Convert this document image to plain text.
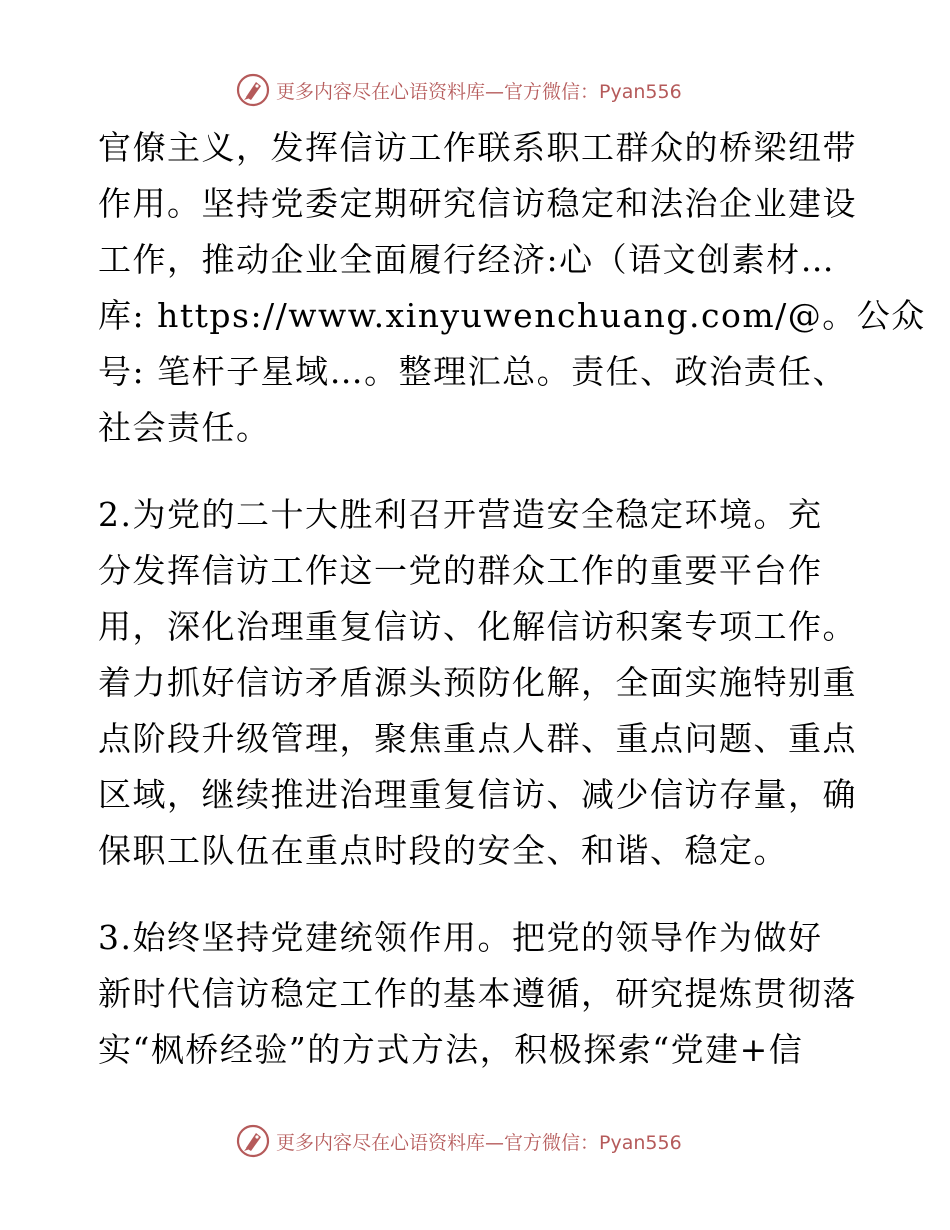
更多内容尽在心语资料库—官方微信：Pyan556
官僚主义，发挥信访工作联系职工群众的桥梁纽带
作用。坚持党委定期研究信访稳定和法治企业建设
工作，推动企业全面履行经济:心（语文创素材…
库: https://www.xinyuwenchuang.com/@。公众
号: 笔杆子星域…。整理汇总。责任、政治责任、
社会责任。
2.为党的二十大胜利召开营造安全稳定环境。充
分发挥信访工作这一党的群众工作的重要平台作
用，深化治理重复信访、化解信访积案专项工作。
着力抓好信访矛盾源头预防化解，全面实施特别重
点阶段升级管理，聚焦重点人群、重点问题、重点
区域，继续推进治理重复信访、减少信访存量，确
保职工队伍在重点时段的安全、和谐、稳定。
3.始终坚持党建统领作用。把党的领导作为做好
新时代信访稳定工作的基本遵循，研究提炼贯彻落
实“枫桥经验”的方式方法，积极探索“党建+信
更多内容尽在心语资料库—官方微信：Pyan556
